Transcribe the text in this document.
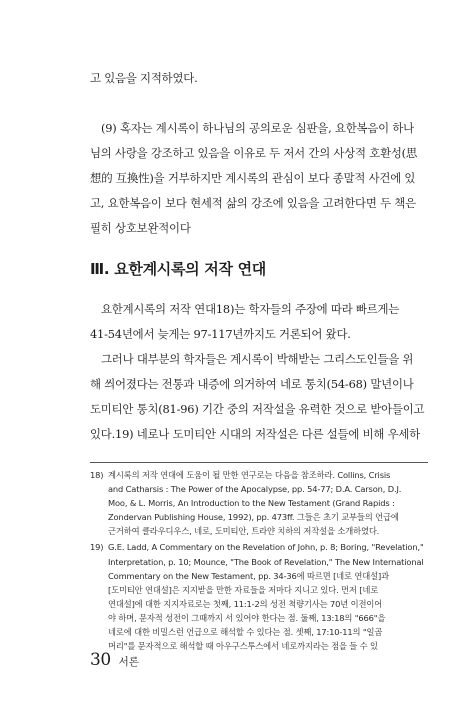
고 있음을 지적하였다.

(9) 혹자는 계시록이 하나님의 공의로운 심판을, 요한복음이 하나
님의 사랑을 강조하고 있음을 이유로 두 저서 간의 사상적 호환성(思
想的 互換性)을 거부하지만 계시록의 관심이 보다 종말적 사건에 있
고, 요한복음이 보다 현세적 삶의 강조에 있음을 고려한다면 두 책은
필히 상호보완적이다

Ⅲ. 요한계시록의 저작 연대

요한계시록의 저작 연대18)는 학자들의 주장에 따라 빠르게는
41-54년에서 늦게는 97-117년까지도 거론되어 왔다.

그러나 대부분의 학자들은 계시록이 박해받는 그리스도인들을 위
해 씌어졌다는 전통과 내증에 의거하여 네로 통치(54-68) 말년이나
도미티안 통치(81-96) 기간 중의 저작설을 유력한 것으로 받아들이고
있다.19) 네로나 도미티안 시대의 저작설은 다른 설들에 비해 우세하

18) 계시록의 저작 연대에 도움이 될 만한 연구로는 다음을 참조하라. Collins, Crisis
and Catharsis : The Power of the Apocalypse, pp. 54-77; D.A. Carson, D.J.
Moo, & L. Morris, An Introduction to the New Testament (Grand Rapids :
Zondervan Publishing House, 1992), pp. 473ff. 그들은 초기 교부들의 언급에
근거하여 클라우디우스, 네로, 도미티안, 트라얀 치하의 저작설을 소개하였다.
19) G.E. Ladd, A Commentary on the Revelation of John, p. 8; Boring, "Revelation,"
Interpretation, p. 10; Mounce, "The Book of Revelation," The New International
Commentary on the New Testament, pp. 34-36에 따르면 [네로 연대설]과
[도미티안 연대설]은 지지받을 만한 자료들을 저마다 지니고 있다. 먼저 [네로
연대설]에 대한 지지자료로는 첫째, 11:1-2의 성전 척량기사는 70년 이전이어
야 하며, 문자적 성전이 그때까지 서 있어야 한다는 점. 둘째, 13:18의 "666"을
네로에 대한 비밀스런 언급으로 해석할 수 있다는 점. 셋째, 17:10-11의 "일곱
머리"를 문자적으로 해석할 때 아우구스투스에서 네로까지라는 점을 들 수 있
30 서론
